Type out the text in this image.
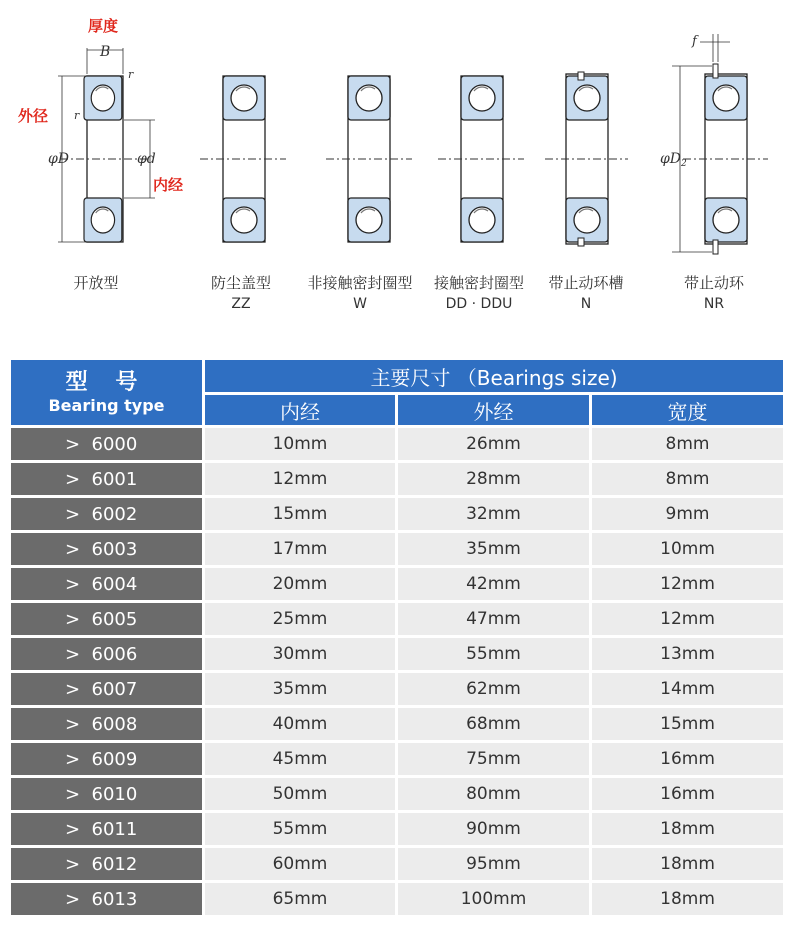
厚度
B
r
r
外径
φD	φd
内经
f
$\varphi D_2$
开放型	防尘盖型
ZZ
非接触密封圈型
W
接触密封圈型
DD · DDU
带止动环槽
N
带止动环
NR
型 号
Bearing type	主要尺寸 （Bearings size)		
	内经	外经	宽度
>  6000	10mm	26mm	8mm
>  6001	12mm	28mm	8mm
>  6002	15mm	32mm	9mm
>  6003	17mm	35mm	10mm
>  6004	20mm	42mm	12mm
>  6005	25mm	47mm	12mm
>  6006	30mm	55mm	13mm
>  6007	35mm	62mm	14mm
>  6008	40mm	68mm	15mm
>  6009	45mm	75mm	16mm
>  6010	50mm	80mm	16mm
>  6011	55mm	90mm	18mm
>  6012	60mm	95mm	18mm
>  6013	65mm	100mm	18mm
